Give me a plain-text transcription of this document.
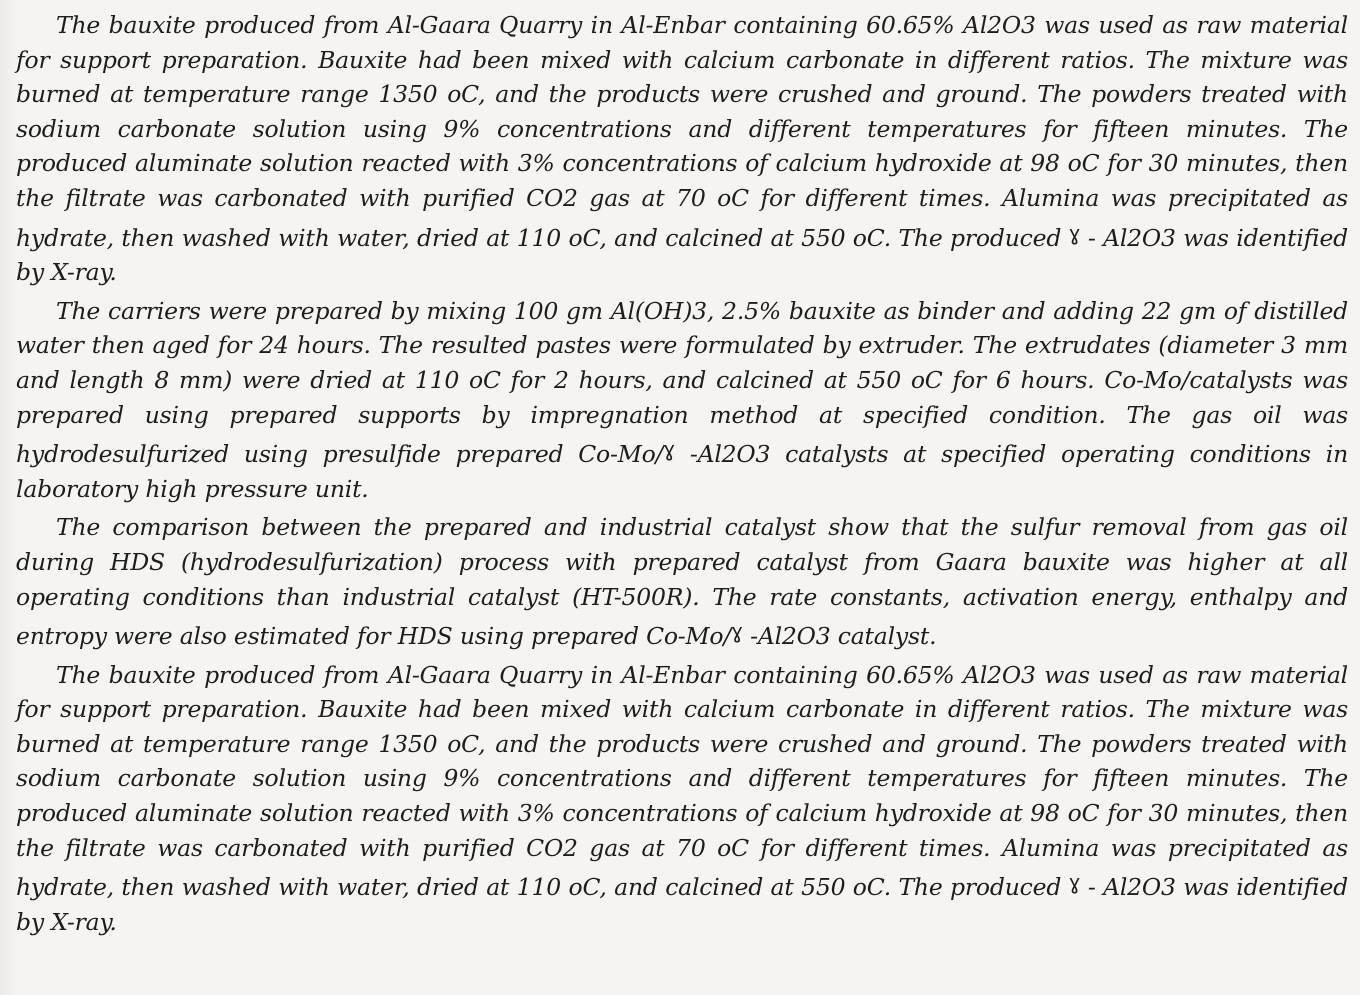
The bauxite produced from Al-Gaara Quarry in Al-Enbar containing 60.65% Al2O3 was used as raw material for support preparation. Bauxite had been mixed with calcium carbonate in different ratios. The mixture was burned at temperature range 1350 oC, and the products were crushed and ground. The powders treated with sodium carbonate solution using 9% concentrations and different temperatures for fifteen minutes. The produced aluminate solution reacted with 3% concentrations of calcium hydroxide at 98 oC for 30 minutes, then the filtrate was carbonated with purified CO2 gas at 70 oC for different times. Alumina was precipitated as hydrate, then washed with water, dried at 110 oC, and calcined at 550 oC. The produced ɣ - Al2O3 was identified by X-ray.

The carriers were prepared by mixing 100 gm Al(OH)3, 2.5% bauxite as binder and adding 22 gm of distilled water then aged for 24 hours. The resulted pastes were formulated by extruder. The extrudates (diameter 3 mm and length 8 mm) were dried at 110 oC for 2 hours, and calcined at 550 oC for 6 hours. Co-Mo/catalysts was prepared using prepared supports by impregnation method at specified condition. The gas oil was hydrodesulfurized using presulfide prepared Co-Mo/ɣ -Al2O3 catalysts at specified operating conditions in laboratory high pressure unit.

The comparison between the prepared and industrial catalyst show that the sulfur removal from gas oil during HDS (hydrodesulfurization) process with prepared catalyst from Gaara bauxite was higher at all operating conditions than industrial catalyst (HT-500R). The rate constants, activation energy, enthalpy and entropy were also estimated for HDS using prepared Co-Mo/ɣ -Al2O3 catalyst.

The bauxite produced from Al-Gaara Quarry in Al-Enbar containing 60.65% Al2O3 was used as raw material for support preparation. Bauxite had been mixed with calcium carbonate in different ratios. The mixture was burned at temperature range 1350 oC, and the products were crushed and ground. The powders treated with sodium carbonate solution using 9% concentrations and different temperatures for fifteen minutes. The produced aluminate solution reacted with 3% concentrations of calcium hydroxide at 98 oC for 30 minutes, then the filtrate was carbonated with purified CO2 gas at 70 oC for different times. Alumina was precipitated as hydrate, then washed with water, dried at 110 oC, and calcined at 550 oC. The produced ɣ - Al2O3 was identified by X-ray.
